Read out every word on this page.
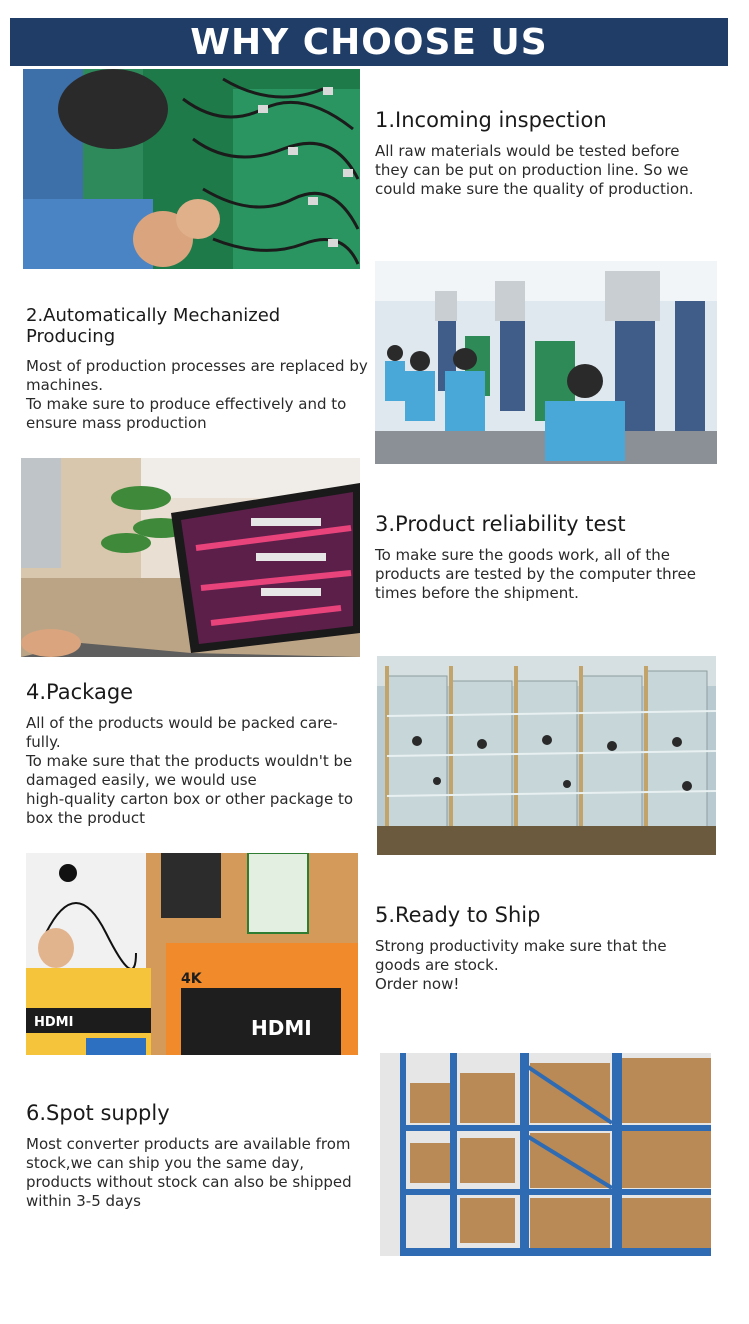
WHY CHOOSE US
1.Incoming inspection

All raw materials would be tested before they can be put on production line. So we could make sure the quality of production.

2.Automatically Mechanized Producing

Most of production processes are replaced by machines.
To make sure to produce effectively and to ensure mass production

3.Product reliability test

To make sure the goods work, all of the products are tested by the computer three times before the shipment.

4.Package

All of the products would be packed care-
fully.
To make sure that the products wouldn't be damaged easily, we would use
high-quality carton box or other package to box the product

HDMI	HDMI
4K
5.Ready to Ship

Strong productivity make sure that the goods are stock.
Order now!

6.Spot supply

Most converter products are available from stock,we can ship you the same day, products without stock can also be shipped within 3-5 days
